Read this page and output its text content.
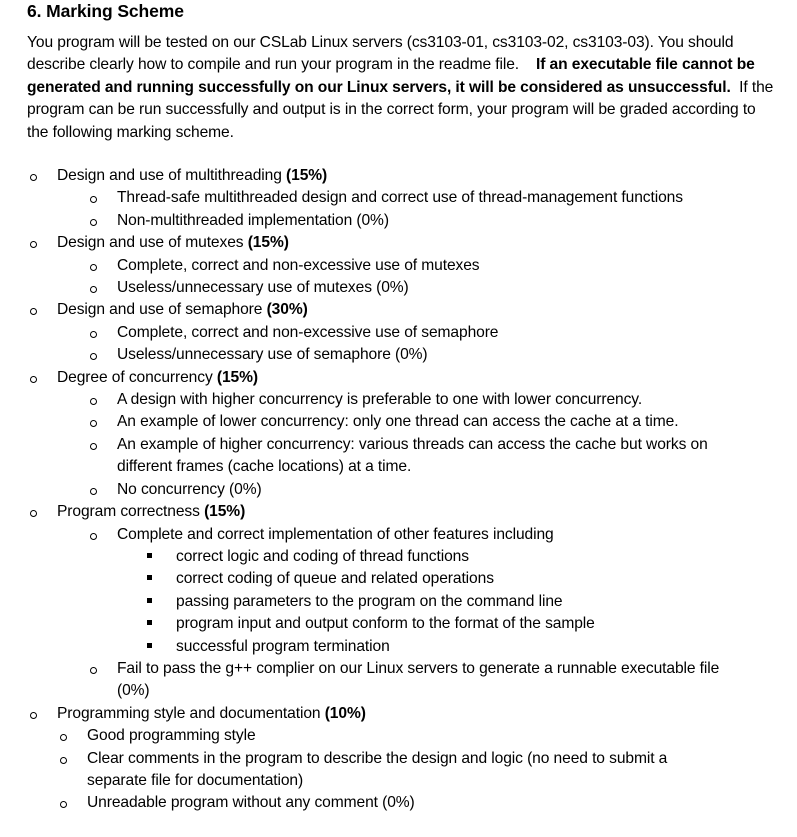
6. Marking Scheme

You program will be tested on our CSLab Linux servers (cs3103-01, cs3103-02, cs3103-03). You should describe clearly how to compile and run your program in the readme file. If an executable file cannot be generated and running successfully on our Linux servers, it will be considered as unsuccessful. If the program can be run successfully and output is in the correct form, your program will be graded according to the following marking scheme.

Design and use of multithreading (15%)
Thread-safe multithreaded design and correct use of thread-management functions
Non-multithreaded implementation (0%)
Design and use of mutexes (15%)
Complete, correct and non-excessive use of mutexes
Useless/unnecessary use of mutexes (0%)
Design and use of semaphore (30%)
Complete, correct and non-excessive use of semaphore
Useless/unnecessary use of semaphore (0%)
Degree of concurrency (15%)
A design with higher concurrency is preferable to one with lower concurrency.
An example of lower concurrency: only one thread can access the cache at a time.
An example of higher concurrency: various threads can access the cache but works on
different frames (cache locations) at a time.
No concurrency (0%)
Program correctness (15%)
Complete and correct implementation of other features including
correct logic and coding of thread functions
correct coding of queue and related operations
passing parameters to the program on the command line
program input and output conform to the format of the sample
successful program termination
Fail to pass the g++ complier on our Linux servers to generate a runnable executable file
(0%)
Programming style and documentation (10%)
Good programming style
Clear comments in the program to describe the design and logic (no need to submit a
separate file for documentation)
Unreadable program without any comment (0%)
